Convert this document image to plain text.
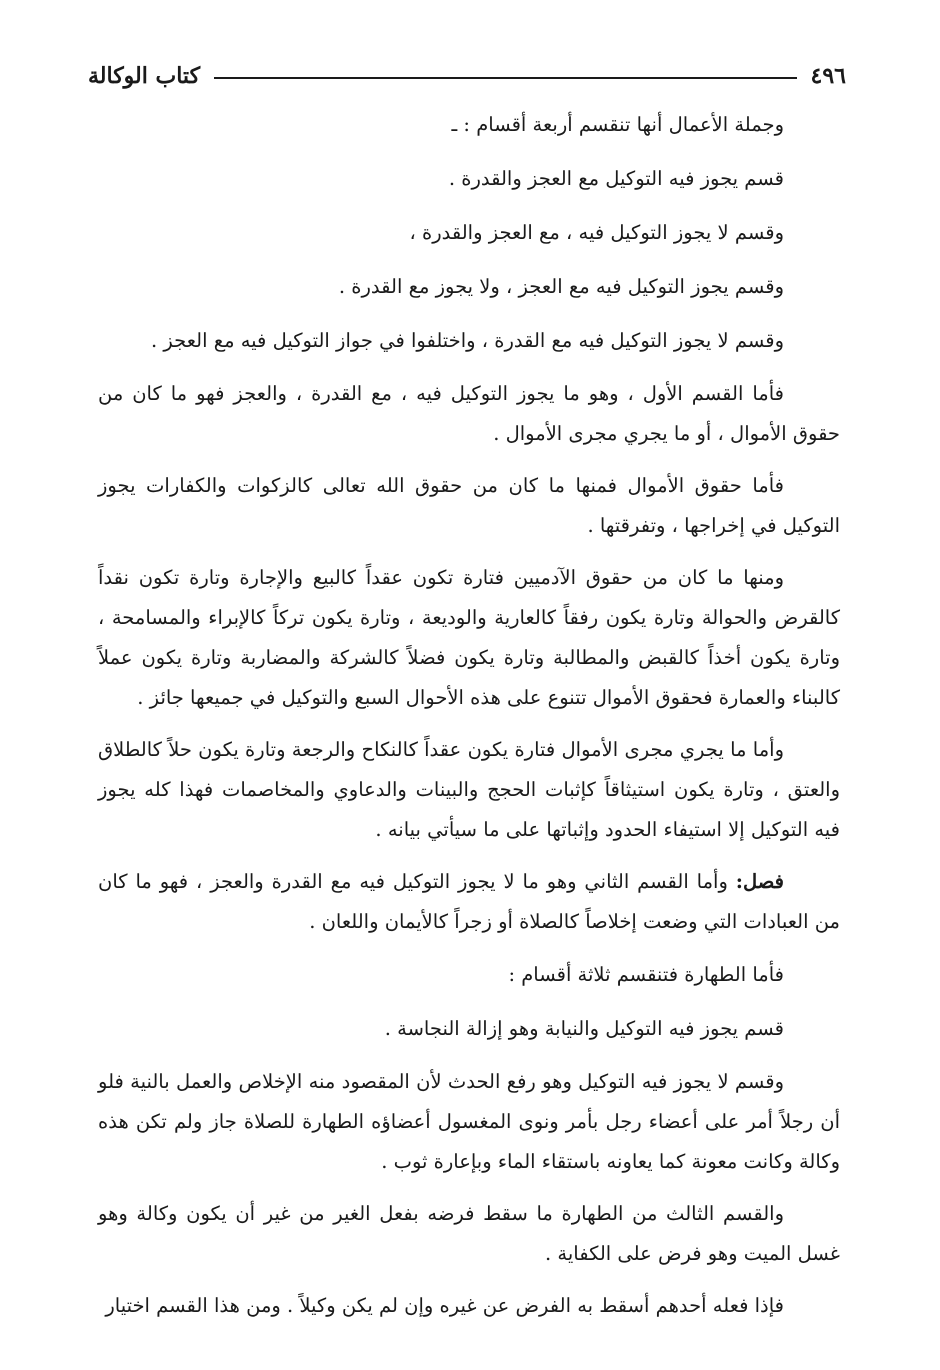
٤٩٦
كتاب الوكالة

وجملة الأعمال أنها تنقسم أربعة أقسام : ـ

قسم يجوز فيه التوكيل مع العجز والقدرة .

وقسم لا يجوز التوكيل فيه ، مع العجز والقدرة ،

وقسم يجوز التوكيل فيه مع العجز ، ولا يجوز مع القدرة .

وقسم لا يجوز التوكيل فيه مع القدرة ، واختلفوا في جواز التوكيل فيه مع العجز .

فأما القسم الأول ، وهو ما يجوز التوكيل فيه ، مع القدرة ، والعجز فهو ما كان من حقوق الأموال ، أو ما يجري مجرى الأموال .

فأما حقوق الأموال فمنها ما كان من حقوق الله تعالى كالزكوات والكفارات يجوز التوكيل في إخراجها ، وتفرقتها .

ومنها ما كان من حقوق الآدميين فتارة تكون عقداً كالبيع والإجارة وتارة تكون نقداً كالقرض والحوالة وتارة يكون رفقاً كالعارية والوديعة ، وتارة يكون تركاً كالإبراء والمسامحة ، وتارة يكون أخذاً كالقبض والمطالبة وتارة يكون فضلاً كالشركة والمضاربة وتارة يكون عملاً كالبناء والعمارة فحقوق الأموال تتنوع على هذه الأحوال السبع والتوكيل في جميعها جائز .

وأما ما يجري مجرى الأموال فتارة يكون عقداً كالنكاح والرجعة وتارة يكون حلاً كالطلاق والعتق ، وتارة يكون استيثاقاً كإثبات الحجج والبينات والدعاوي والمخاصمات فهذا كله يجوز فيه التوكيل إلا استيفاء الحدود وإثباتها على ما سيأتي بيانه .

فصل: وأما القسم الثاني وهو ما لا يجوز التوكيل فيه مع القدرة والعجز ، فهو ما كان من العبادات التي وضعت إخلاصاً كالصلاة أو زجراً كالأيمان واللعان .

فأما الطهارة فتنقسم ثلاثة أقسام :

قسم يجوز فيه التوكيل والنيابة وهو إزالة النجاسة .

وقسم لا يجوز فيه التوكيل وهو رفع الحدث لأن المقصود منه الإخلاص والعمل بالنية فلو أن رجلاً أمر على أعضاء رجل بأمر ونوى المغسول أعضاؤه الطهارة للصلاة جاز ولم تكن هذه وكالة وكانت معونة كما يعاونه باستقاء الماء وبإعارة ثوب .

والقسم الثالث من الطهارة ما سقط فرضه بفعل الغير من غير أن يكون وكالة وهو غسل الميت وهو فرض على الكفاية .

فإذا فعله أحدهم أسقط به الفرض عن غيره وإن لم يكن وكيلاً . ومن هذا القسم اختيار
